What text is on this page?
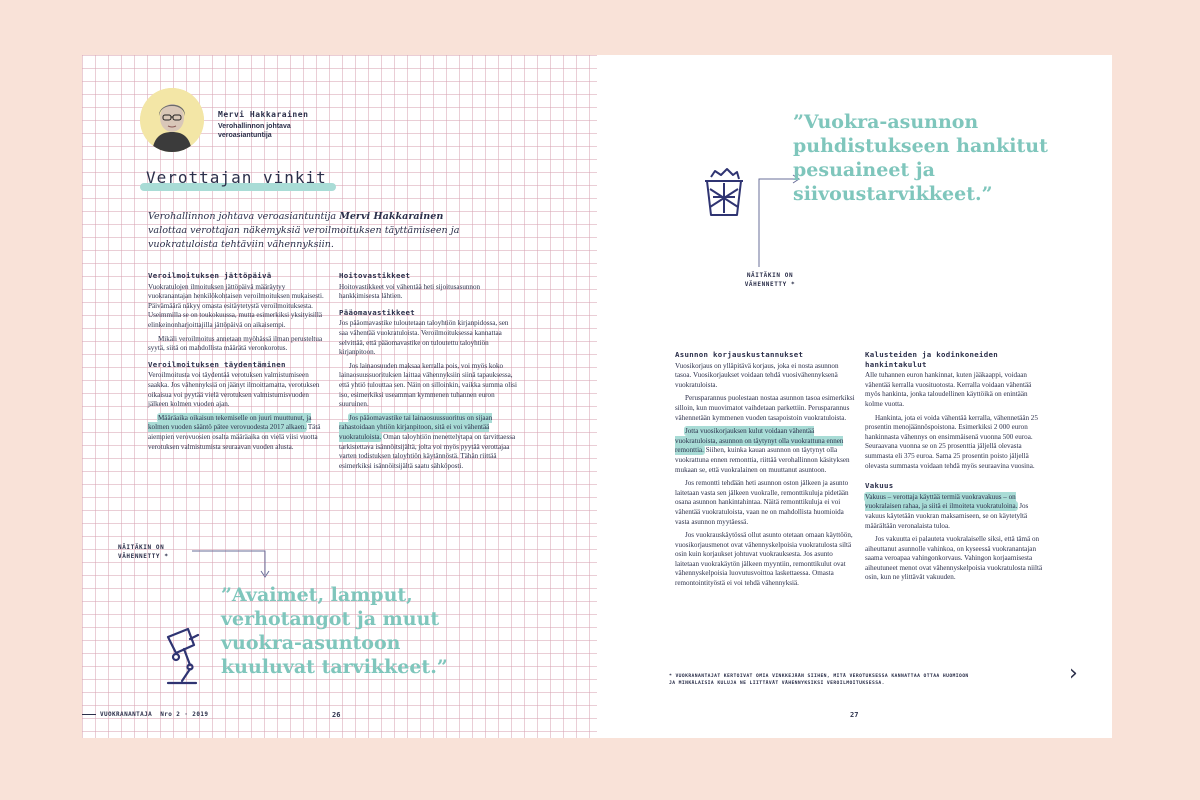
Mervi Hakkarainen
Verohallinnon johtava veroasiantuntija
Verottajan vinkit
Verohallinnon johtava veroasiantuntija Mervi Hakkarainen valottaa verottajan näkemyksiä veroilmoituksen täyttämiseen ja vuokratuloista tehtäviin vähennyksiin.
Veroilmoituksen jättöpäivä

Vuokratulojen ilmoituksen jättöpäivä määräytyy vuokranantajan henkilökohtaisen veroilmoituksen mukaisesti. Päivämäärä näkyy omasta esitäytetystä veroilmoituksesta. Useimmilla se on toukokuussa, mutta esimerkiksi yksityisillä elinkeinonharjoittajilla jättöpäivä on aikaisempi.

Mikäli veroilmoitus annetaan myöhässä ilman perusteltua syytä, siitä on mahdollista määrätä veronkorotus.

Veroilmoituksen täydentäminen

Veroilmoitusta voi täydentää verotuksen valmistumiseen saakka. Jos vähennyksiä on jäänyt ilmoittamatta, verotuksen oikaisua voi pyytää vielä verotuksen valmistumisvuoden jälkeen kolmen vuoden ajan.

Määräaika oikaisun tekemiselle on juuri muuttunut, ja kolmen vuoden sääntö pätee verovuodesta 2017 alkaen. Tätä aiempien verovuosien osalta määräaika on vielä viisi vuotta verotuksen valmistumista seuraavan vuoden alusta.

Hoitovastikkeet

Hoitovastikkeet voi vähentää heti sijoitusasunnon hankkimisesta lähtien.

Pääomavastikkeet

Jos pääomavastike tuloutetaan taloyhtiön kirjanpidossa, sen saa vähentää vuokratuloista. Veroilmoituksessa kannattaa selvittää, että pääomavastike on tuloutettu taloyhtiön kirjanpitoon.

Jos lainaosuuden maksaa kerralla pois, voi myös koko lainaosuussuorituksen laittaa vähennyksiin siinä tapauksessa, että yhtiö tulouttaa sen. Näin on silloinkin, vaikka summa olisi iso, esimerkiksi useamman kymmenen tuhannen euron suuruinen.

Jos pääomavastike tai lainaosuussuoritus on sijaan rahastoidaan yhtiön kirjanpitoon, sitä ei voi vähentää vuokratuloista. Oman taloyhtiön menettelytapa on tarvittaessa tarkistettava isännöitsijältä, jolta voi myös pyytää verottajaa varten todistuksen taloyhtiön käytännöstä. Tähän riittää esimerkiksi isännöitsijältä saatu sähköposti.

NÄITÄKIN ON VÄHENNETTY *
”Avaimet, lamput, verhotangot ja muut vuokra-asuntoon kuuluvat tarvikkeet.”
VUOKRANANTAJA Nro 2 · 2019	26
NÄITÄKIN ON VÄHENNETTY *
”Vuokra-asunnon puhdistukseen hankitut pesuaineet ja siivoustarvikkeet.”
Asunnon korjauskustannukset

Vuosikorjaus on ylläpitävä korjaus, joka ei nosta asunnon tasoa. Vuosikorjaukset voidaan tehdä vuosivähennyksenä vuokratuloista.

Perusparannus puolestaan nostaa asunnon tasoa esimerkiksi silloin, kun muovimatot vaihdetaan parkettiin. Perusparannus vähennetään kymmenen vuoden tasapoistoin vuokratuloista.

Jotta vuosikorjauksen kulut voidaan vähentää vuokratuloista, asunnon on täytynyt olla vuokrattuna ennen remonttia. Siihen, kuinka kauan asunnon on täytynyt olla vuokrattuna ennen remonttia, riittää verohallinnon käsityksen mukaan se, että vuokralainen on muuttanut asuntoon.

Jos remontti tehdään heti asunnon oston jälkeen ja asunto laitetaan vasta sen jälkeen vuokralle, remonttikuluja pidetään osana asunnon hankintahintaa. Näitä remonttikuluja ei voi vähentää vuokratuloista, vaan ne on mahdollista huomioida vasta asunnon myytäessä.

Jos vuokrauskäytössä ollut asunto otetaan omaan käyttöön, vuosikorjausmenot ovat vähennyskelpoisia vuokratulosta siltä osin kuin korjaukset johtuvat vuokrauksesta. Jos asunto laitetaan vuokrakäytön jälkeen myyntiin, remonttikulut ovat vähennyskelpoisia luovutusvoittoa laskettaessa. Omasta remontointityöstä ei voi tehdä vähennyksiä.

Kalusteiden ja kodinkoneiden hankintakulut

Alle tuhannen euron hankinnat, kuten jääkaappi, voidaan vähentää kerralla vuosituotosta. Kerralla voidaan vähentää myös hankinta, jonka taloudellinen käyttöikä on enintään kolme vuotta.

Hankinta, jota ei voida vähentää kerralla, vähennetään 25 prosentin menojäännöspoistona. Esimerkiksi 2 000 euron hankinnasta vähennys on ensimmäisenä vuonna 500 euroa. Seuraavana vuonna se on 25 prosenttia jäljellä olevasta summasta eli 375 euroa. Sama 25 prosentin poisto jäljellä olevasta summasta voidaan tehdä myös seuraavina vuosina.

Vakuus

Vakuus – verottaja käyttää termiä vuokravakuus – on vuokralaisen rahaa, ja siitä ei ilmoiteta vuokratuloina. Jos vakuus käytetään vuokran maksamiseen, se on käytetyltä määrältään veronalaista tuloa.

Jos vakuutta ei palauteta vuokralaiselle siksi, että tämä on aiheuttanut asunnolle vahinkoa, on kyseessä vuokranantajan saama veroapaa vahingonkorvaus. Vahingon korjaamisesta aiheutuneet menot ovat vähennyskelpoisia vuokratulosta niiltä osin, kun ne ylittävät vakuuden.

* VUOKRANANTAJAT KERTOIVAT OMIA VINKKEJÄÄN SIIHEN, MITÄ VEROTUKSESSA KANNATTAA OTTAA HUOMIOON JA MINKÄLAISIA KULUJA NE LIITTÄVÄT VÄHENNYKSIKSI VEROILMOITUKSESSA.
27
›
